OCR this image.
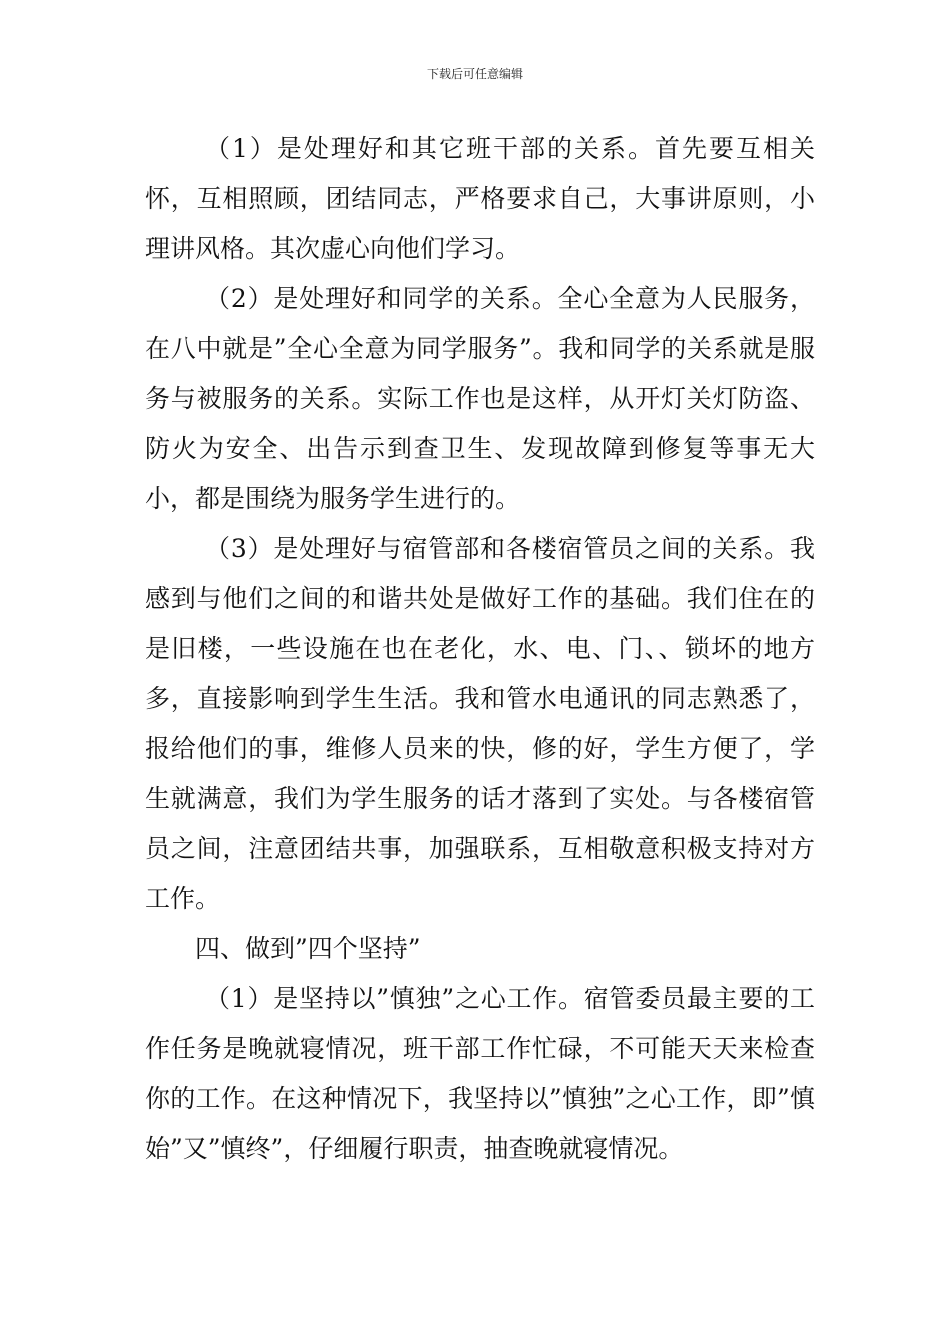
下载后可任意编辑

（1）是处理好和其它班干部的关系。首先要互相关怀，互相照顾，团结同志，严格要求自己，大事讲原则，小理讲风格。其次虚心向他们学习。

（2）是处理好和同学的关系。全心全意为人民服务，在八中就是”全心全意为同学服务”。我和同学的关系就是服务与被服务的关系。实际工作也是这样，从开灯关灯防盗、防火为安全、出告示到查卫生、发现故障到修复等事无大小，都是围绕为服务学生进行的。

（3）是处理好与宿管部和各楼宿管员之间的关系。我感到与他们之间的和谐共处是做好工作的基础。我们住在的是旧楼，一些设施在也在老化，水、电、门、、锁坏的地方多，直接影响到学生生活。我和管水电通讯的同志熟悉了，报给他们的事，维修人员来的快，修的好，学生方便了，学生就满意，我们为学生服务的话才落到了实处。与各楼宿管员之间，注意团结共事，加强联系，互相敬意积极支持对方工作。

四、做到”四个坚持”

（1）是坚持以”慎独”之心工作。宿管委员最主要的工作任务是晚就寝情况，班干部工作忙碌，不可能天天来检查你的工作。在这种情况下，我坚持以”慎独”之心工作，即”慎始”又”慎终”，仔细履行职责，抽查晚就寝情况。
